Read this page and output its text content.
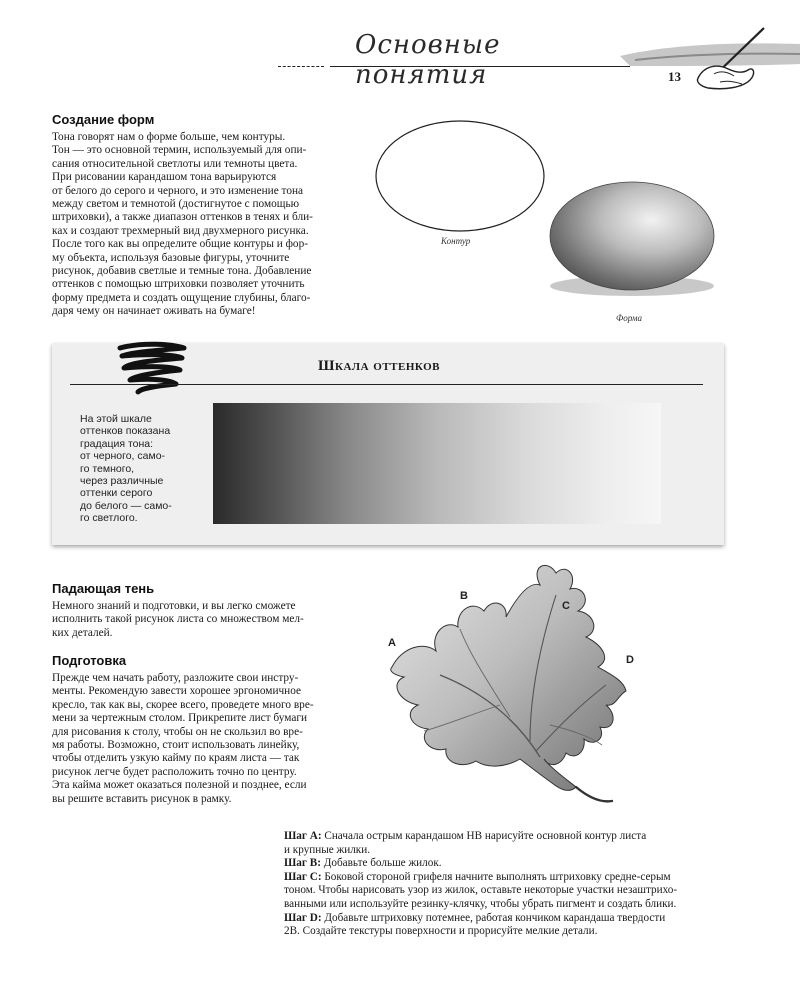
Основные понятия	13
Создание форм
Тона говорят нам о форме больше, чем контуры.
Тон — это основной термин, используемый для опи-
сания относительной светлоты или темноты цвета.
При рисовании карандашом тона варьируются
от белого до серого и черного, и это изменение тона
между светом и темнотой (достигнутое с помощью
штриховки), а также диапазон оттенков в тенях и бли-
ках и создают трехмерный вид двухмерного рисунка.
После того как вы определите общие контуры и фор-
му объекта, используя базовые фигуры, уточните
рисунок, добавив светлые и темные тона. Добавление
оттенков с помощью штриховки позволяет уточнить
форму предмета и создать ощущение глубины, благо-
даря чему он начинает оживать на бумаге!
Контур
Форма
Шкала оттенков
На этой шкале
оттенков показана
градация тона:
от черного, само-
го темного,
через различные
оттенки серого
до белого — само-
го светлого.
Падающая тень
Немного знаний и подготовки, и вы легко сможете
исполнить такой рисунок листа со множеством мел-
ких деталей.
Подготовка
Прежде чем начать работу, разложите свои инстру-
менты. Рекомендую завести хорошее эргономичное
кресло, так как вы, скорее всего, проведете много вре-
мени за чертежным столом. Прикрепите лист бумаги
для рисования к столу, чтобы он не скользил во вре-
мя работы. Возможно, стоит использовать линейку,
чтобы отделить узкую кайму по краям листа — так
рисунок легче будет расположить точно по центру.
Эта кайма может оказаться полезной и позднее, если
вы решите вставить рисунок в рамку.
A
B
C
D
Шаг A: Сначала острым карандашом HB нарисуйте основной контур листа
и крупные жилки.
Шаг B: Добавьте больше жилок.
Шаг C: Боковой стороной грифеля начните выполнять штриховку средне-серым
тоном. Чтобы нарисовать узор из жилок, оставьте некоторые участки незаштрихо-
ванными или используйте резинку-клячку, чтобы убрать пигмент и создать блики.
Шаг D: Добавьте штриховку потемнее, работая кончиком карандаша твердости
2B. Создайте текстуры поверхности и прорисуйте мелкие детали.
